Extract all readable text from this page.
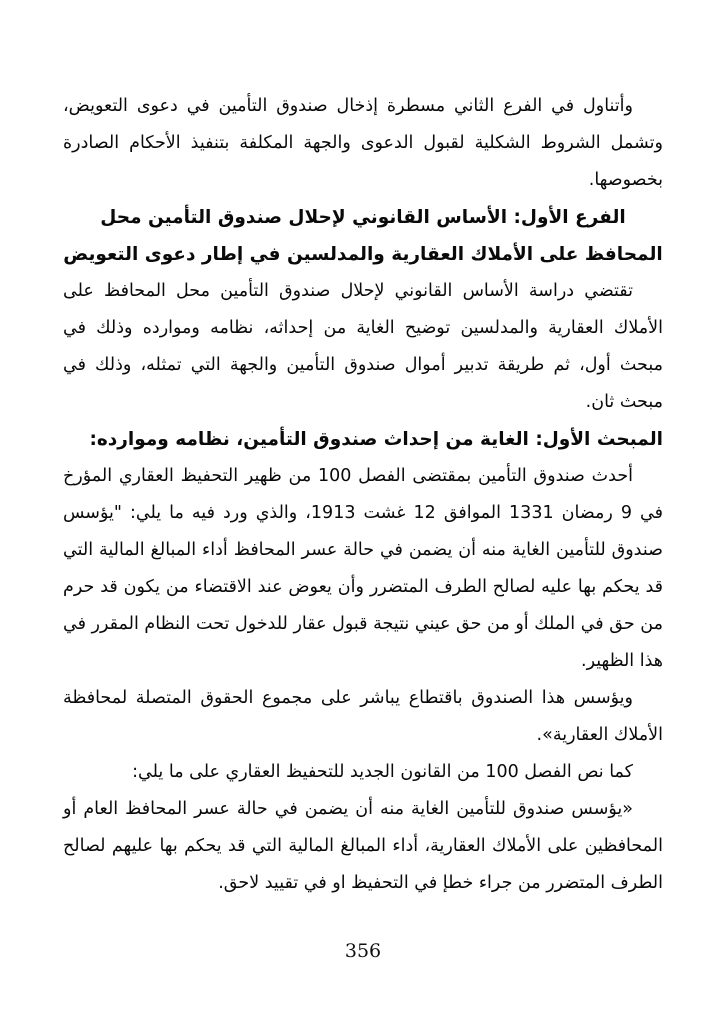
وأتناول في الفرع الثاني مسطرة إذخال صندوق التأمين في دعوى التعويض، وتشمل الشروط الشكلية لقبول الدعوى والجهة المكلفة بتنفيذ الأحكام الصادرة بخصوصها.

الفرع الأول: الأساس القانوني لإحلال صندوق التأمين محل المحافظ على الأملاك العقارية والمدلسين في إطار دعوى التعويض

تقتضي دراسة الأساس القانوني لإحلال صندوق التأمين محل المحافظ على الأملاك العقارية والمدلسين توضيح الغاية من إحداثه، نظامه وموارده وذلك في مبحث أول، ثم طريقة تدبير أموال صندوق التأمين والجهة التي تمثله، وذلك في مبحث ثان.

المبحث الأول: الغاية من إحداث صندوق التأمين، نظامه وموارده:

أحدث صندوق التأمين بمقتضى الفصل 100 من ظهير التحفيظ العقاري المؤرخ في 9 رمضان 1331 الموافق 12 غشت 1913، والذي ورد فيه ما يلي: "يؤسس صندوق للتأمين الغاية منه أن يضمن في حالة عسر المحافظ أداء المبالغ المالية التي قد يحكم بها عليه لصالح الطرف المتضرر وأن يعوض عند الاقتضاء من يكون قد حرم من حق في الملك أو من حق عيني نتيجة قبول عقار للدخول تحت النظام المقرر في هذا الظهير.

ويؤسس هذا الصندوق باقتطاع يباشر على مجموع الحقوق المتصلة لمحافظة الأملاك العقارية».

كما نص الفصل 100 من القانون الجديد للتحفيظ العقاري على ما يلي:

«يؤسس صندوق للتأمين الغاية منه أن يضمن في حالة عسر المحافظ العام أو المحافظين على الأملاك العقارية، أداء المبالغ المالية التي قد يحكم بها عليهم لصالح الطرف المتضرر من جراء خطإ في التحفيظ او في تقييد لاحق.

356
